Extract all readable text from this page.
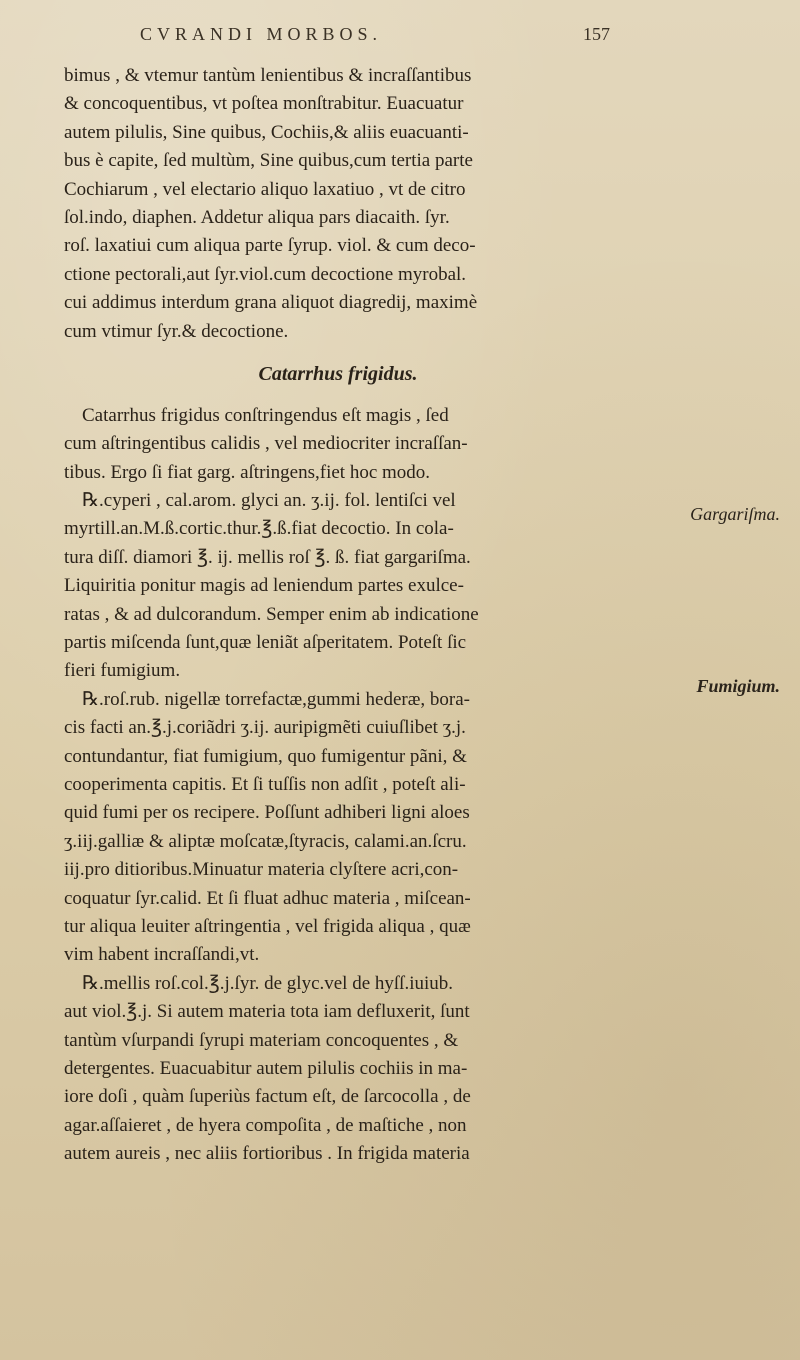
CVRANDI MORBOS.	157
bimus , & vtemur tantùm lenientibus & incraſſantibus
& concoquentibus, vt poſtea monſtrabitur. Euacuatur
autem pilulis, Sine quibus, Cochiis,& aliis euacuanti-
bus è capite, ſed multùm, Sine quibus,cum tertia parte
Cochiarum , vel electario aliquo laxatiuo , vt de citro
ſol.indo, diaphen. Addetur aliqua pars diacaith. ſyr.
roſ. laxatiui cum aliqua parte ſyrup. viol. & cum deco-
ctione pectorali,aut ſyr.viol.cum decoctione myrobal.
cui addimus interdum grana aliquot diagredij, maximè
cum vtimur ſyr.& decoctione.
Catarrhus frigidus.
Catarrhus frigidus conſtringendus eſt magis , ſed
cum aſtringentibus calidis , vel mediocriter incraſſan-
tibus. Ergo ſi fiat garg. aſtringens,fiet hoc modo.
℞.cyperi , cal.arom. glyci an. ʒ.ij. fol. lentiſci vel
myrtill.an.M.ß.cortic.thur.℥.ß.fiat decoctio. In cola-
tura diſſ. diamori ℥. ij. mellis roſ ℥. ß. fiat gargariſma.
Liquiritia ponitur magis ad leniendum partes exulce-
ratas , & ad dulcorandum. Semper enim ab indicatione
partis miſcenda ſunt,quæ leniãt aſperitatem. Poteſt ſic
fieri fumigium.
℞.roſ.rub. nigellæ torrefactæ,gummi hederæ, bora-
cis facti an.℥.j.coriãdri ʒ.ij. auripigmẽti cuiuſlibet ʒ.j.
contundantur, fiat fumigium, quo fumigentur pãni, &
cooperimenta capitis. Et ſi tuſſis non adſit , poteſt ali-
quid fumi per os recipere. Poſſunt adhiberi ligni aloes
ʒ.iij.galliæ & aliptæ moſcatæ,ſtyracis, calami.an.ſcru.
iij.pro ditioribus.Minuatur materia clyſtere acri,con-
coquatur ſyr.calid. Et ſi fluat adhuc materia , miſcean-
tur aliqua leuiter aſtringentia , vel frigida aliqua , quæ
vim habent incraſſandi,vt.
℞.mellis roſ.col.℥.j.ſyr. de glyc.vel de hyſſ.iuiub.
aut viol.℥.j. Si autem materia tota iam defluxerit, ſunt
tantùm vſurpandi ſyrupi materiam concoquentes , &
detergentes. Euacuabitur autem pilulis cochiis in ma-
iore doſi , quàm ſuperiùs factum eſt, de ſarcocolla , de
agar.aſſaieret , de hyera compoſita , de maſtiche , non
autem aureis , nec aliis fortioribus . In frigida materia
Gargariſma.
Fumigium.
